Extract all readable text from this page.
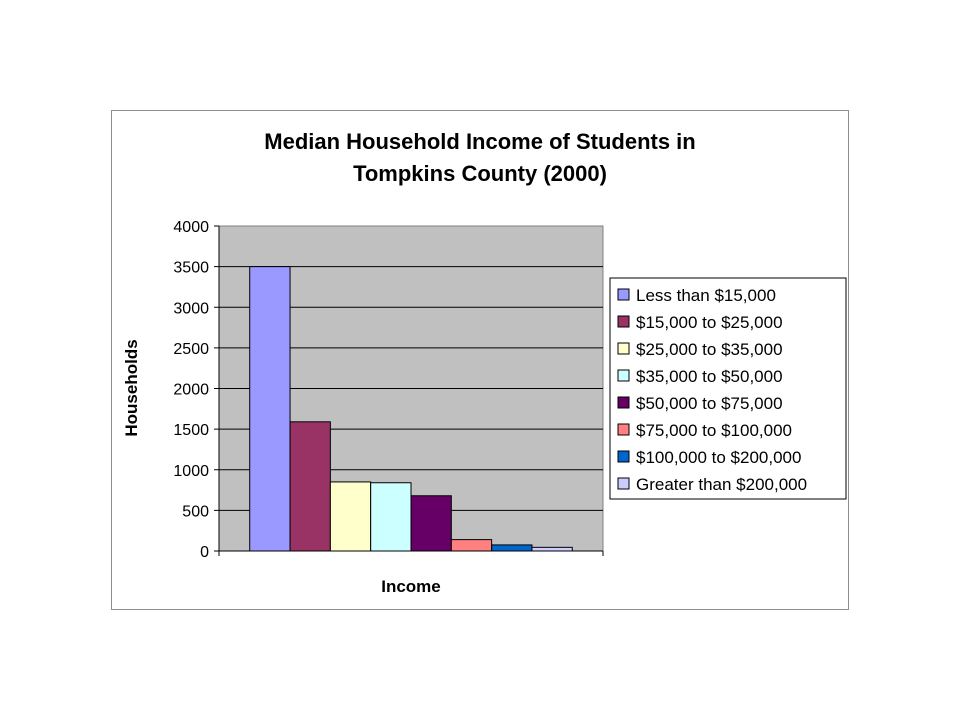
Median Household Income of Students in
Tompkins County (2000)
0
500
1000
1500
2000
2500
3000
3500
4000
Households
Income
Less than $15,000
$15,000 to $25,000
$25,000 to $35,000
$35,000 to $50,000
$50,000 to $75,000
$75,000 to $100,000
$100,000 to $200,000
Greater than $200,000
